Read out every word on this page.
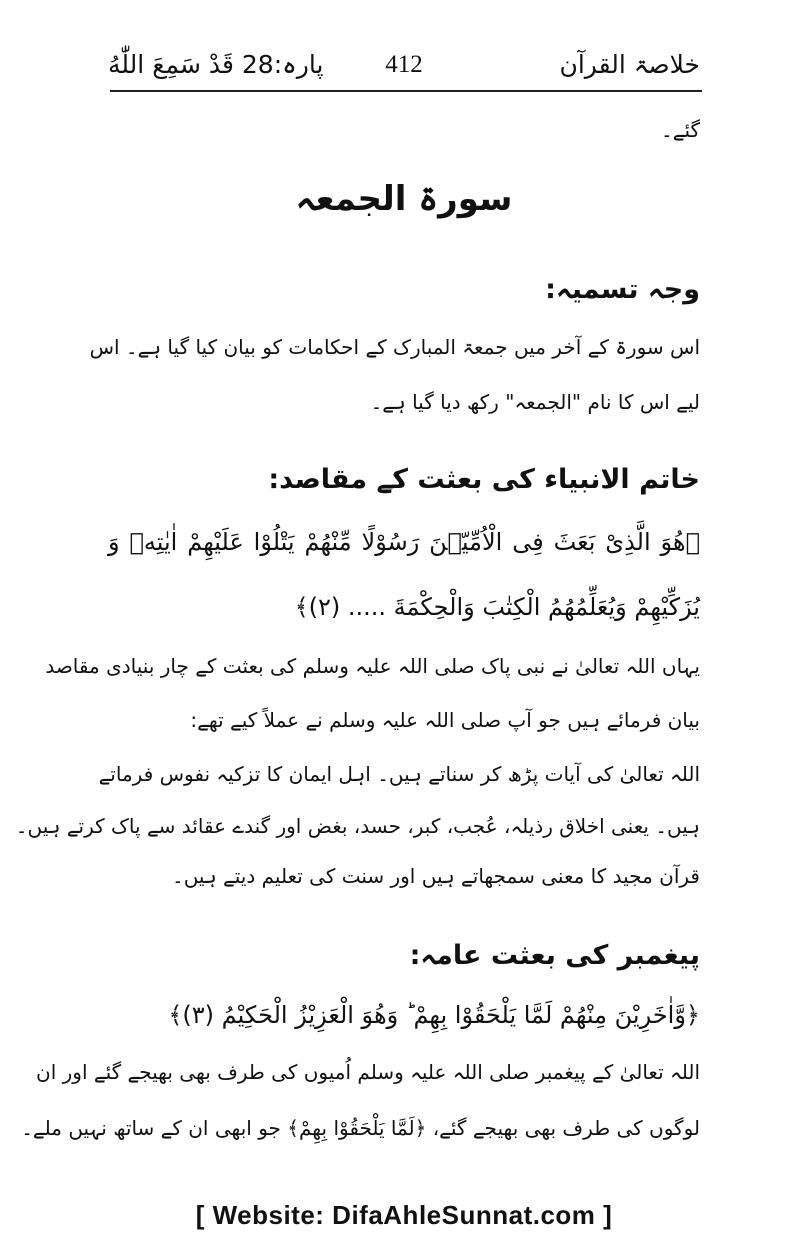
خلاصۃ القرآن
412
پارہ:28 قَدْ سَمِعَ اللّٰهُ
گئے۔
سورۃ الجمعہ
وجہ تسمیہ:
اس سورۃ کے آخر میں جمعۃ المبارک کے احکامات کو بیان کیا گیا ہے۔ اس
لیے اس کا نام "الجمعہ" رکھ دیا گیا ہے۔
خاتم الانبیاء کی بعثت کے مقاصد:
﴿هُوَ الَّذِیْ بَعَثَ فِی الْاُمِّیّٖنَ رَسُوْلًا مِّنْهُمْ یَتْلُوْا عَلَیْهِمْ اٰیٰتِهٖ وَ
یُزَكِّیْهِمْ وَیُعَلِّمُهُمُ الْكِتٰبَ وَالْحِكْمَةَ ..... (۲)﴾
یہاں اللہ تعالیٰ نے نبی پاک صلی اللہ علیہ وسلم کی بعثت کے چار بنیادی مقاصد
بیان فرمائے ہیں جو آپ صلی اللہ علیہ وسلم نے عملاً کیے تھے:
اللہ تعالیٰ کی آیات پڑھ کر سناتے ہیں۔ اہل ایمان کا تزکیہ نفوس فرماتے
ہیں۔ یعنی اخلاق رذیلہ، عُجب، کبر، حسد، بغض اور گندے عقائد سے پاک کرتے ہیں۔
قرآن مجید کا معنی سمجھاتے ہیں اور سنت کی تعلیم دیتے ہیں۔
پیغمبر کی بعثت عامہ:
﴿وَّاٰخَرِیْنَ مِنْهُمْ لَمَّا یَلْحَقُوْا بِهِمْ ؕ وَهُوَ الْعَزِیْزُ الْحَكِیْمُ (۳)﴾
اللہ تعالیٰ کے پیغمبر صلی اللہ علیہ وسلم اُمیوں کی طرف بھی بھیجے گئے اور ان
لوگوں کی طرف بھی بھیجے گئے، ﴿لَمَّا یَلْحَقُوْا بِهِمْ﴾ جو ابھی ان کے ساتھ نہیں ملے۔
[ Website: DifaAhleSunnat.com ]
